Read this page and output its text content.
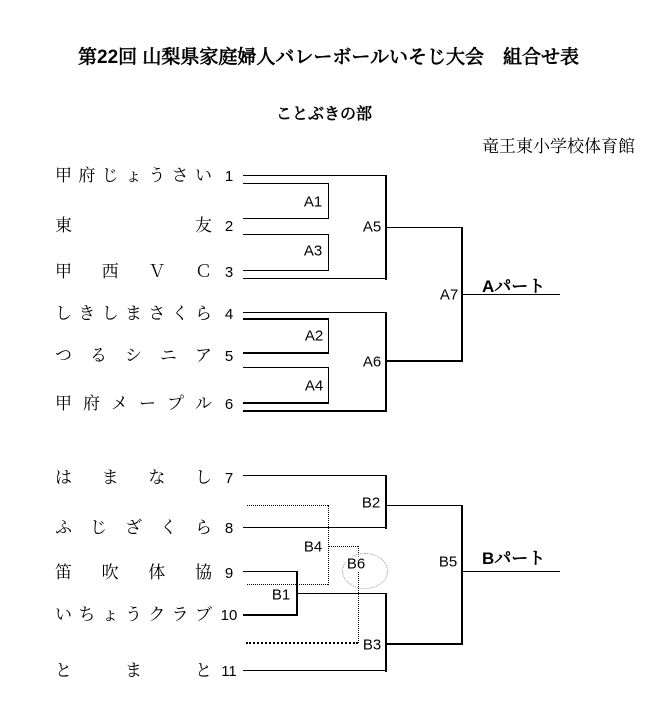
第22回 山梨県家庭婦人バレーボールいそじ大会　組合せ表
ことぶきの部
竜王東小学校体育館
甲 府 じ ょ う さ い 1
東	友 2
甲 西 Ｖ Ｃ 3
し き し ま さ く ら 4
つ る シ ニ ア 5
甲 府 メ ー プ ル 6
は ま な し 7
ふ じ ざ く ら 8
笛 吹 体 協 9
い ち ょ う ク ラ ブ 10
と	ま	と 11
A1
A3
A5
A2
A4
A6
A7
B2
B4
B6
B1
B3
B5
Aパート
Bパート
